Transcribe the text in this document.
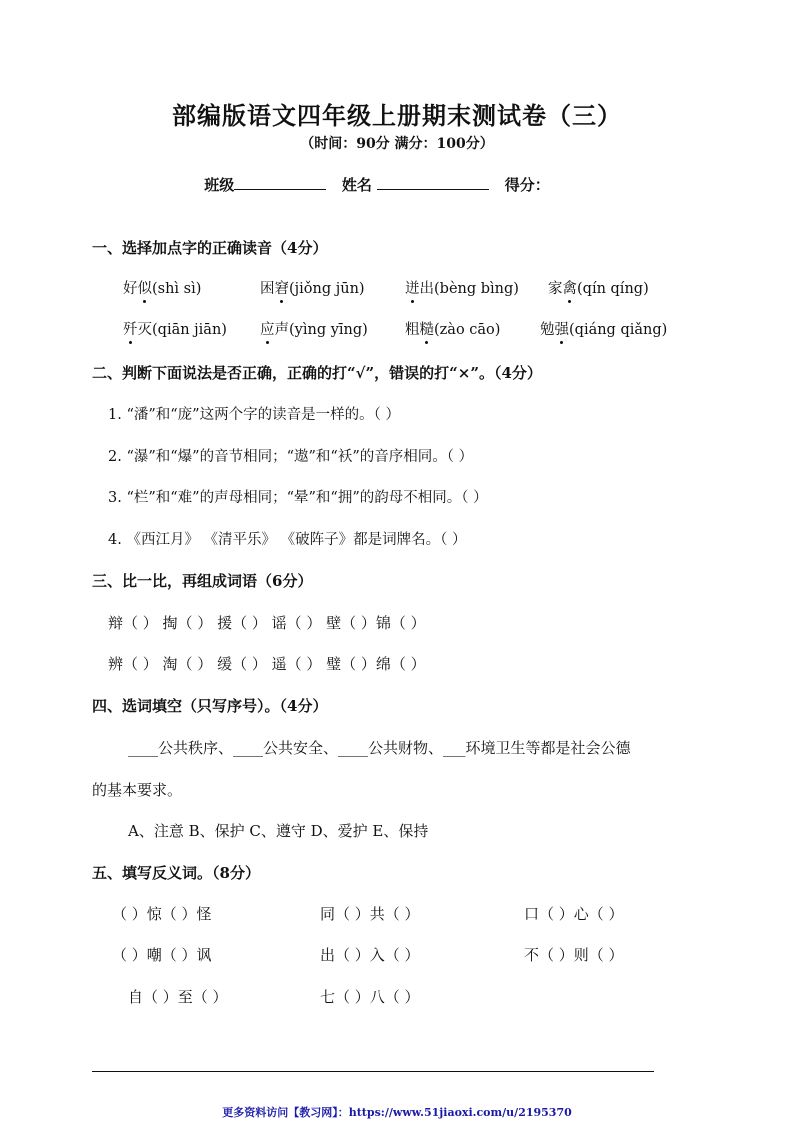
部编版语文四年级上册期末测试卷（三）
（时间：90分 满分：100分）
班级	姓名	得分：
一、选择加点字的正确读音（4分）
好似(shì sì)	困窘(jiǒng jūn)	迸出(bèng bìng) 家禽(qín qíng)
歼灭(qiān jiān) 应声(yìng yīng)	粗糙(zào cāo)	勉强(qiáng qiǎng)
二、判断下面说法是否正确，正确的打“√”，错误的打“×”。（4分）
1. “潘”和“庞”这两个字的读音是一样的。（ ）
2. “瀑”和“爆”的音节相同；“遨”和“袄”的音序相同。（ ）
3. “栏”和“难”的声母相同；“晕”和“拥”的韵母不相同。（ ）
4. 《西江月》 《清平乐》 《破阵子》都是词牌名。（ ）
三、比一比，再组成词语（6分）
辩（ ） 掏（ ） 援（ ） 谣（ ） 壁（ ）锦（ ）
辨（ ） 淘（ ） 缓（ ） 遥（ ） 璧（ ）绵（ ）
四、选词填空（只写序号）。（4分）
____公共秩序、____公共安全、____公共财物、___环境卫生等都是社会公德
的基本要求。
A、注意 B、保护 C、遵守 D、爱护 E、保持
五、填写反义词。（8分）
（ ）惊（ ）怪	同（ ）共（ ）	口（ ）心（ ）
（ ）嘲（ ）讽	出（ ）入（ ）	不（ ）则（ ）
自（ ）至（ ）	七（ ）八（ ）
更多资料访问【教习网】：https://www.51jiaoxi.com/u/2195370
